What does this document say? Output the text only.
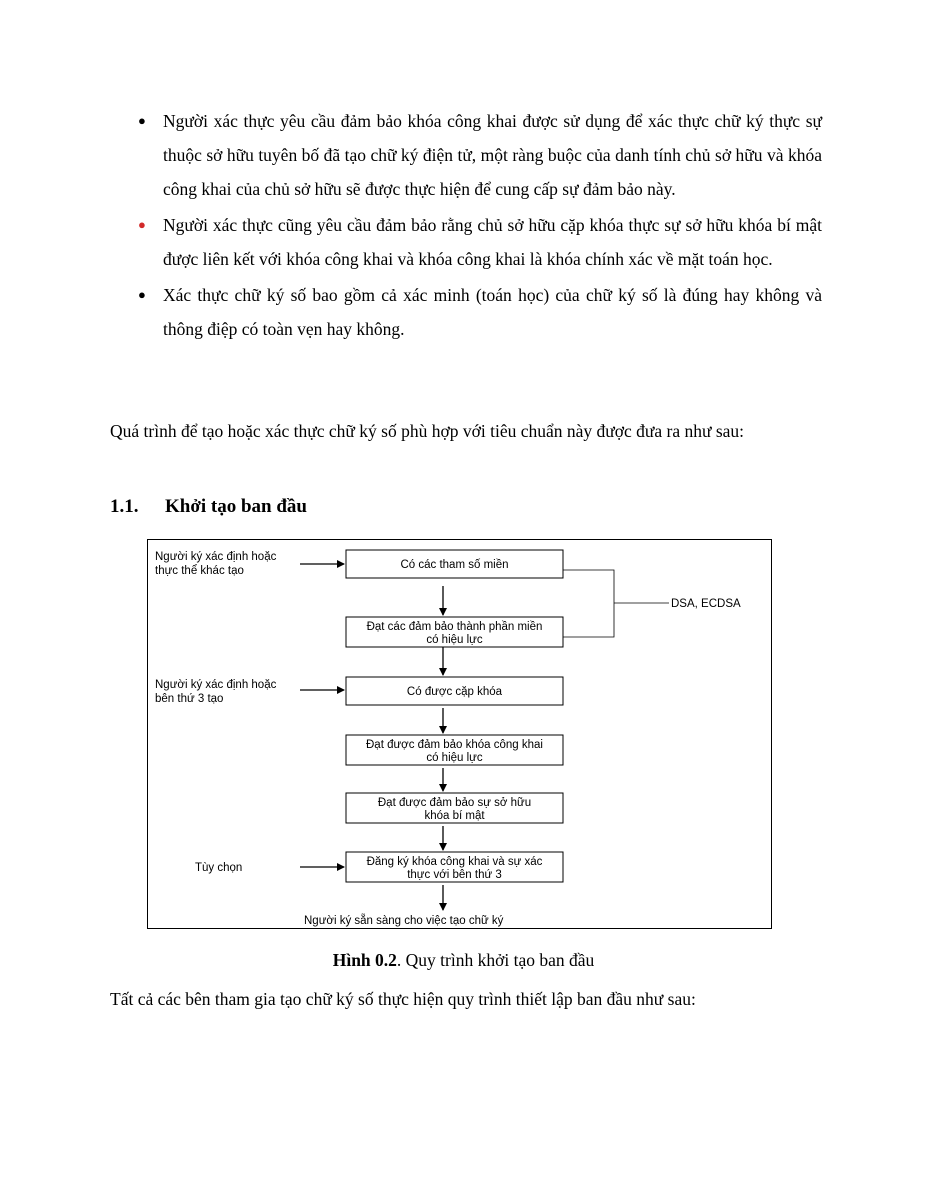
● Người xác thực yêu cầu đảm bảo khóa công khai được sử dụng để xác thực chữ ký thực sự thuộc sở hữu tuyên bố đã tạo chữ ký điện tử, một ràng buộc của danh tính chủ sở hữu và khóa công khai của chủ sở hữu sẽ được thực hiện để cung cấp sự đảm bảo này.
● Người xác thực cũng yêu cầu đảm bảo rằng chủ sở hữu cặp khóa thực sự sở hữu khóa bí mật được liên kết với khóa công khai và khóa công khai là khóa chính xác về mặt toán học.
● Xác thực chữ ký số bao gồm cả xác minh (toán học) của chữ ký số là đúng hay không và thông điệp có toàn vẹn hay không.

Quá trình để tạo hoặc xác thực chữ ký số phù hợp với tiêu chuẩn này được đưa ra như sau:

1.1. Khởi tạo ban đầu
Có các tham số miền
Đạt các đảm bảo thành phần miền
có hiệu lực
Có được cặp khóa
Đạt được đảm bảo khóa công khai
có hiệu lực
Đạt được đảm bảo sự sở hữu
khóa bí mật
Đăng ký khóa công khai và sự xác
thực với bên thứ 3
Người ký xác định hoặc
thực thể khác tạo
Người ký xác định hoặc
bên thứ 3 tạo
Tùy chọn
DSA, ECDSA
Người ký sẵn sàng cho việc tạo chữ ký

Hình 0.2. Quy trình khởi tạo ban đầu

Tất cả các bên tham gia tạo chữ ký số thực hiện quy trình thiết lập ban đầu như sau:
